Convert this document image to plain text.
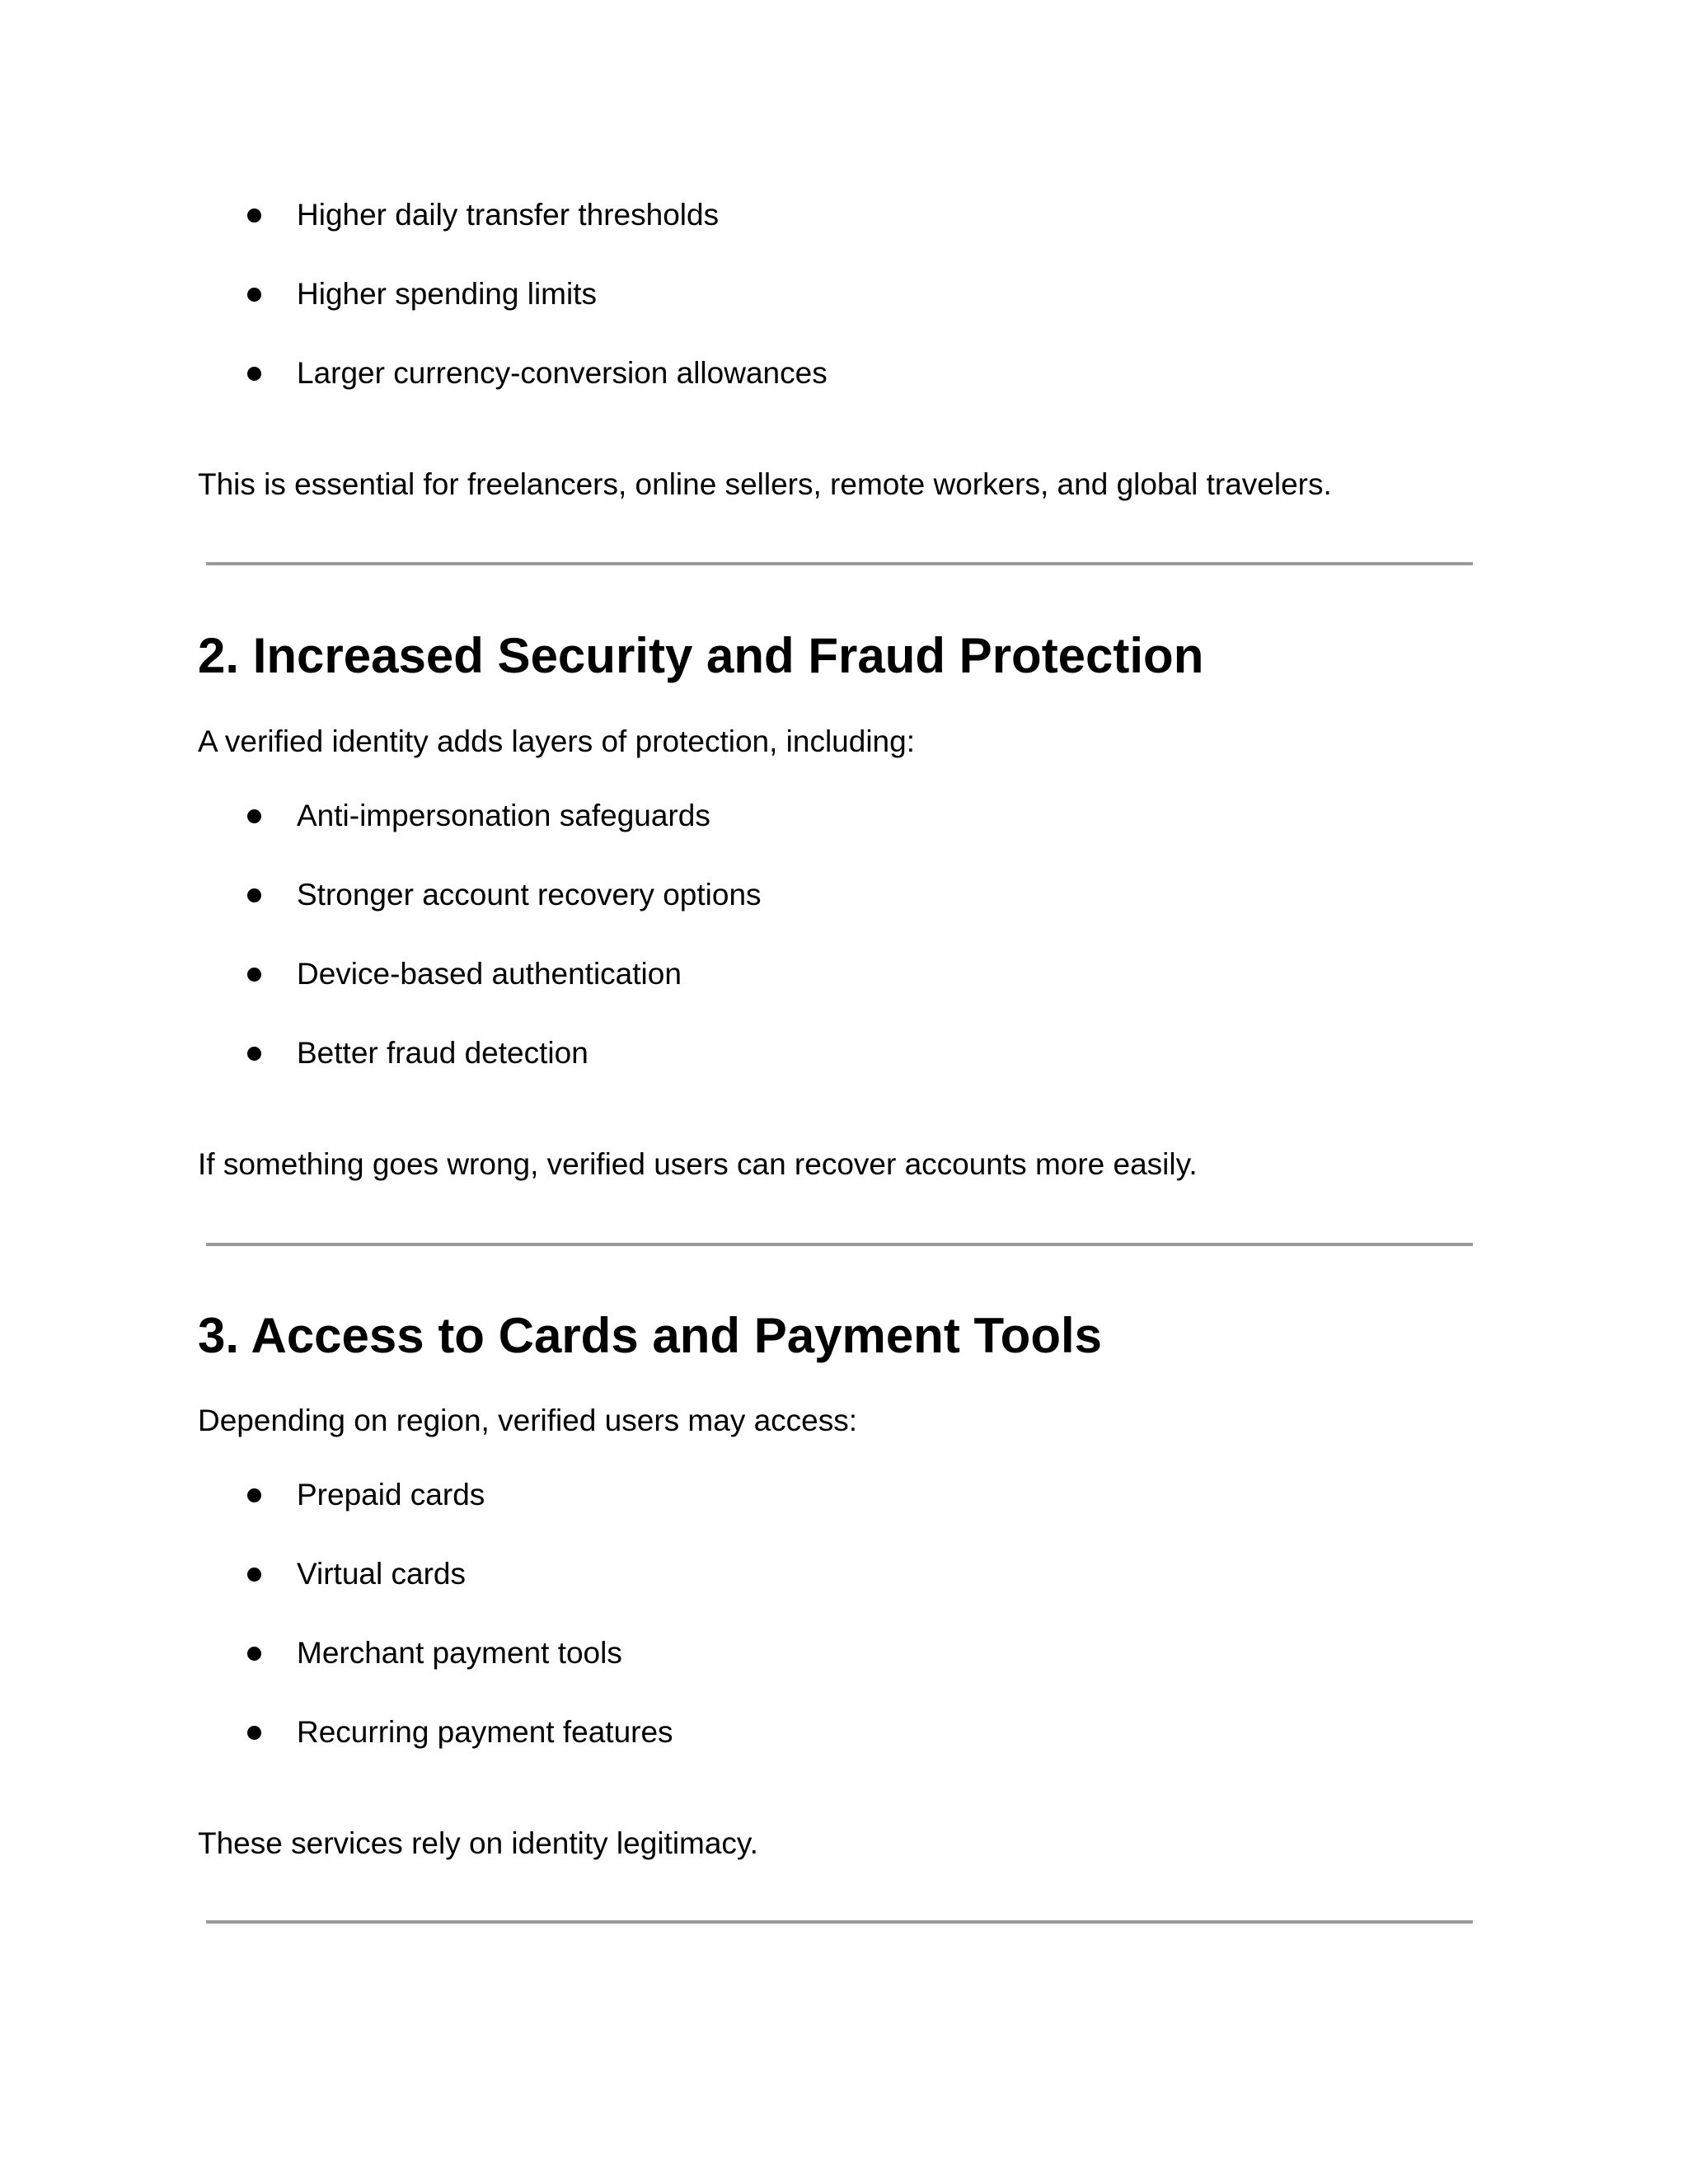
Higher daily transfer thresholds
Higher spending limits
Larger currency-conversion allowances
This is essential for freelancers, online sellers, remote workers, and global travelers.
2. Increased Security and Fraud Protection
A verified identity adds layers of protection, including:
Anti-impersonation safeguards
Stronger account recovery options
Device-based authentication
Better fraud detection
If something goes wrong, verified users can recover accounts more easily.
3. Access to Cards and Payment Tools
Depending on region, verified users may access:
Prepaid cards
Virtual cards
Merchant payment tools
Recurring payment features
These services rely on identity legitimacy.
